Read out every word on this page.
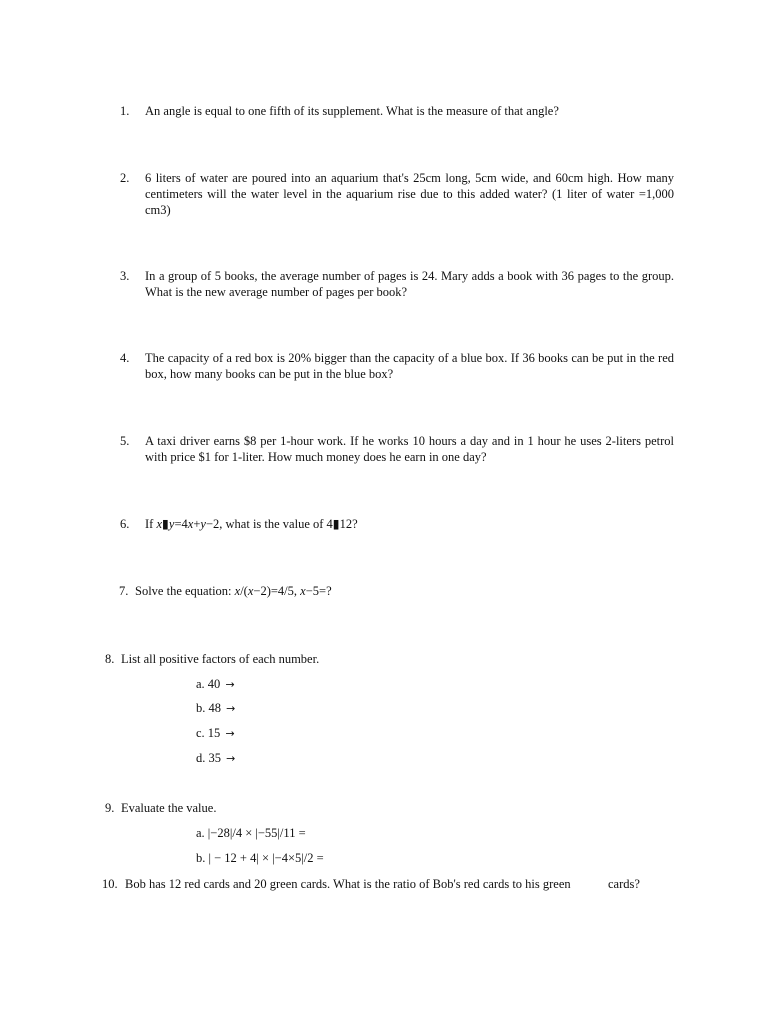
1. An angle is equal to one fifth of its supplement. What is the measure of that angle?
2. 6 liters of water are poured into an aquarium that's 25cm long, 5cm wide, and 60cm high. How many centimeters will the water level in the aquarium rise due to this added water? (1 liter of water =1,000 cm3)
3. In a group of 5 books, the average number of pages is 24. Mary adds a book with 36 pages to the group. What is the new average number of pages per book?
4. The capacity of a red box is 20% bigger than the capacity of a blue box. If 36 books can be put in the red box, how many books can be put in the blue box?
5. A taxi driver earns $8 per 1-hour work. If he works 10 hours a day and in 1 hour he uses 2-liters petrol with price $1 for 1-liter. How much money does he earn in one day?
6. If x▮y=4x+y−2, what is the value of 4▮12?
7. Solve the equation: x/(x−2)=4/5, x−5=?
8. List all positive factors of each number.
a. 40 →
b. 48 →
c. 15 →
d. 35 →
9. Evaluate the value.
a. |−28|/4 × |−55|/11 =
b. | − 12 + 4| × |−4×5|/2 =
10. Bob has 12 red cards and 20 green cards. What is the ratio of Bob's red cards to his green	cards?
